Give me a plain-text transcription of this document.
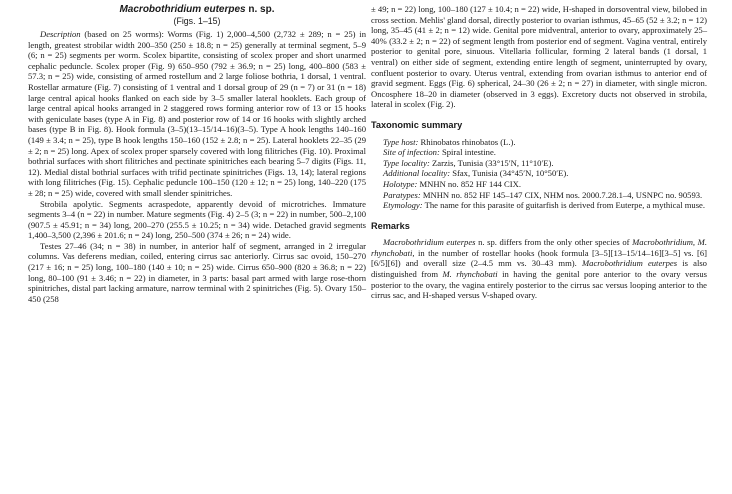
Macrobothridium euterpes n. sp.
(Figs. 1–15)

Description (based on 25 worms): Worms (Fig. 1) 2,000–4,500 (2,732 ± 289; n = 25) in length, greatest strobilar width 200–350 (250 ± 18.8; n = 25) generally at terminal segment, 5–9 (6; n = 25) segments per worm. Scolex bipartite, consisting of scolex proper and short unarmed cephalic peduncle. Scolex proper (Fig. 9) 650–950 (792 ± 36.9; n = 25) long, 400–800 (583 ± 57.3; n = 25) wide, consisting of armed rostellum and 2 large foliose bothria, 1 dorsal, 1 ventral. Rostellar armature (Fig. 7) consisting of 1 ventral and 1 dorsal group of 29 (n = 7) or 31 (n = 18) large central apical hooks flanked on each side by 3–5 smaller lateral hooklets. Each group of large central apical hooks arranged in 2 staggered rows forming anterior row of 13 or 15 hooks with geniculate bases (type A in Fig. 8) and posterior row of 14 or 16 hooks with slightly arched bases (type B in Fig. 8). Hook formula (3–5)(13–15/14–16)(3–5). Type A hook lengths 140–160 (149 ± 3.4; n = 25), type B hook lengths 150–160 (152 ± 2.8; n = 25). Lateral hooklets 22–35 (29 ± 2; n = 25) long. Apex of scolex proper sparsely covered with long filitriches (Fig. 10). Proximal bothrial surfaces with short filitriches and pectinate spinitriches each bearing 5–7 digits (Figs. 11, 12). Medial distal bothrial surfaces with trifid pectinate spinitriches (Figs. 13, 14); lateral regions with long filitriches (Fig. 15). Cephalic peduncle 100–150 (120 ± 12; n = 25) long, 140–220 (175 ± 28; n = 25) wide, covered with small slender spinitriches.

Strobila apolytic. Segments acraspedote, apparently devoid of microtriches. Immature segments 3–4 (n = 22) in number. Mature segments (Fig. 4) 2–5 (3; n = 22) in number, 500–2,100 (907.5 ± 45.91; n = 34) long, 200–270 (255.5 ± 10.25; n = 34) wide. Detached gravid segments 1,400–3,500 (2,396 ± 201.6; n = 24) long, 250–500 (374 ± 26; n = 24) wide.

Testes 27–46 (34; n = 38) in number, in anterior half of segment, arranged in 2 irregular columns. Vas deferens median, coiled, entering cirrus sac anteriorly. Cirrus sac ovoid, 150–270 (217 ± 16; n = 25) long, 100–180 (140 ± 10; n = 25) wide. Cirrus 650–900 (820 ± 36.8; n = 22) long, 80–100 (91 ± 3.46; n = 22) in diameter, in 3 parts: basal part armed with large rose-thorn spinitriches, distal part lacking armature, narrow terminal with 2 spinitriches (Fig. 5). Ovary 150–450 (258

± 49; n = 22) long, 100–180 (127 ± 10.4; n = 22) wide, H-shaped in dorsoventral view, bilobed in cross section. Mehlis' gland dorsal, directly posterior to ovarian isthmus, 45–65 (52 ± 3.2; n = 12) long, 35–45 (41 ± 2; n = 12) wide. Genital pore midventral, anterior to ovary, approximately 25–40% (33.2 ± 2; n = 22) of segment length from posterior end of segment. Vagina ventral, entirely posterior to genital pore, sinuous. Vitellaria follicular, forming 2 lateral bands (1 dorsal, 1 ventral) on either side of segment, extending entire length of segment, uninterrupted by ovary, confluent posterior to ovary. Uterus ventral, extending from ovarian isthmus to anterior end of gravid segment. Eggs (Fig. 6) spherical, 24–30 (26 ± 2; n = 27) in diameter, with single micron. Oncosphere 18–20 in diameter (observed in 3 eggs). Excretory ducts not observed in strobila, lateral in scolex (Fig. 2).

Taxonomic summary

Type host: Rhinobatos rhinobatos (L.).

Site of infection: Spiral intestine.

Type locality: Zarzis, Tunisia (33°15′N, 11°10′E).

Additional locality: Sfax, Tunisia (34°45′N, 10°50′E).

Holotype: MNHN no. 852 HF 144 CIX.

Paratypes: MNHN no. 852 HF 145–147 CIX, NHM nos. 2000.7.28.1–4, USNPC no. 90593.

Etymology: The name for this parasite of guitarfish is derived from Euterpe, a mythical muse.

Remarks

Macrobothridium euterpes n. sp. differs from the only other species of Macrobothridium, M. rhynchobati, in the number of rostellar hooks (hook formula [3–5][13–15/14–16][3–5] vs. [6][6/5][6]) and overall size (2–4.5 mm vs. 30–43 mm). Macrobothridium euterpes is also distinguished from M. rhynchobati in having the genital pore anterior to the ovary versus posterior to the ovary, the vagina entirely posterior to the cirrus sac versus looping anterior to the cirrus sac, and H-shaped versus V-shaped ovary.
